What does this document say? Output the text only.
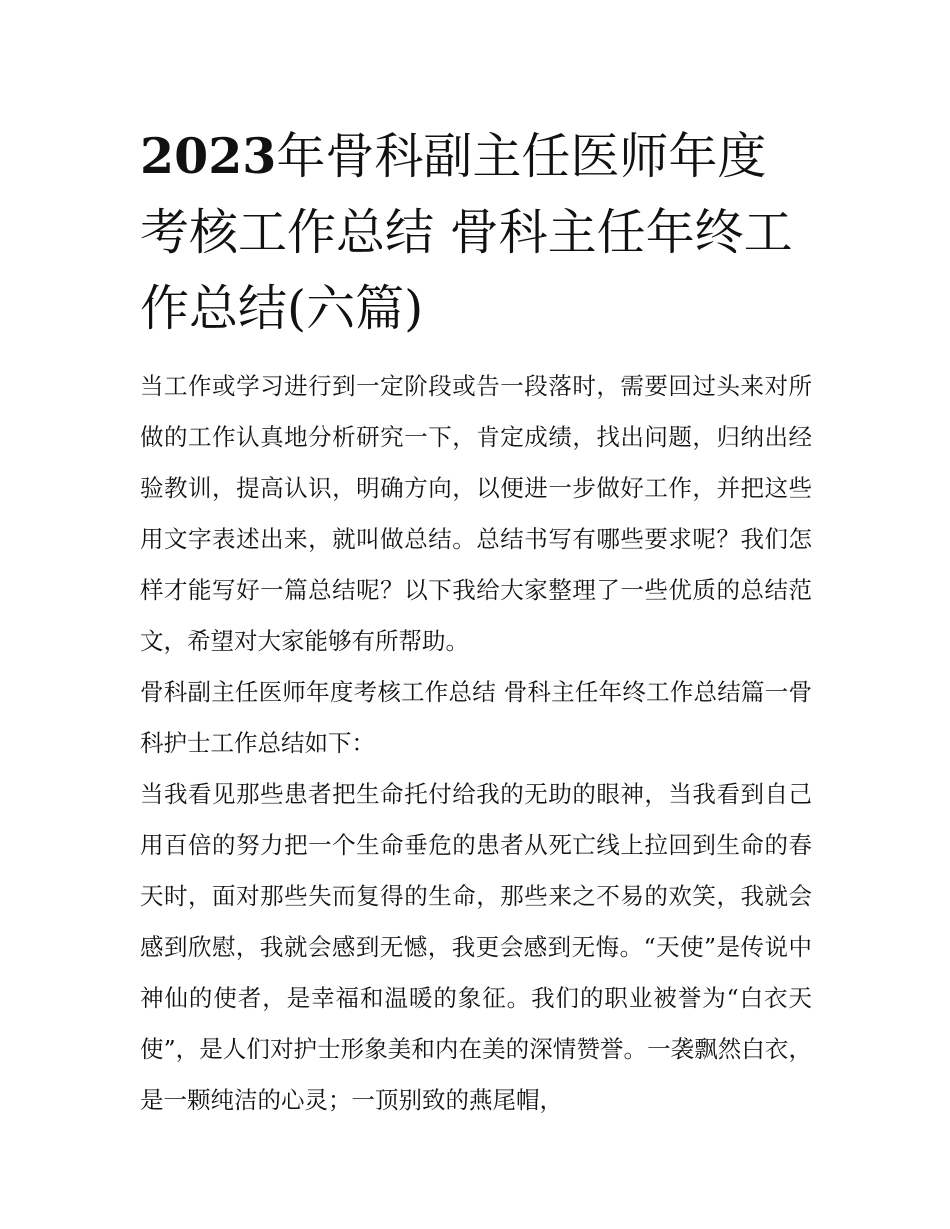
2023年骨科副主任医师年度考核工作总结 骨科主任年终工作总结(六篇)

当工作或学习进行到一定阶段或告一段落时，需要回过头来对所做的工作认真地分析研究一下，肯定成绩，找出问题，归纳出经验教训，提高认识，明确方向，以便进一步做好工作，并把这些用文字表述出来，就叫做总结。总结书写有哪些要求呢？我们怎样才能写好一篇总结呢？以下我给大家整理了一些优质的总结范文，希望对大家能够有所帮助。

骨科副主任医师年度考核工作总结 骨科主任年终工作总结篇一骨科护士工作总结如下：

当我看见那些患者把生命托付给我的无助的眼神，当我看到自己用百倍的努力把一个生命垂危的患者从死亡线上拉回到生命的春天时，面对那些失而复得的生命，那些来之不易的欢笑，我就会感到欣慰，我就会感到无憾，我更会感到无悔。“天使”是传说中神仙的使者，是幸福和温暖的象征。我们的职业被誉为“白衣天使”，是人们对护士形象美和内在美的深情赞誉。一袭飘然白衣，是一颗纯洁的心灵；一顶别致的燕尾帽，
